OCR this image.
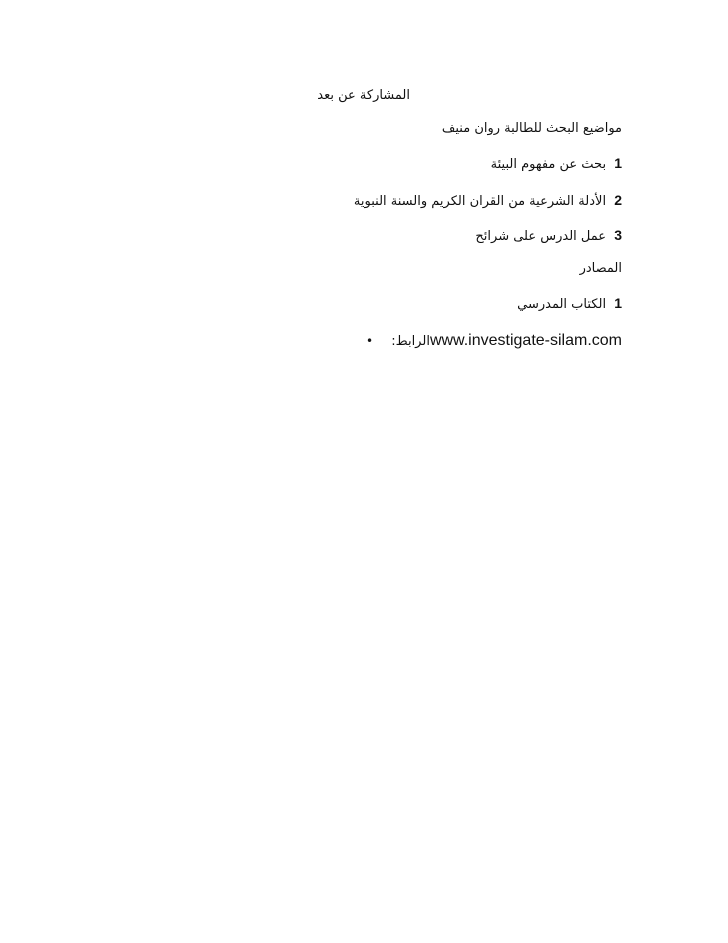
المشاركة عن بعد
مواضيع البحث للطالبة روان منيف
1 بحث عن مفهوم البيئة
2 الأدلة الشرعية من القران الكريم والسنة النبوية
3 عمل الدرس على شرائح
المصادر
1 الكتاب المدرسي
www.investigate-silam.comالرابط: •
